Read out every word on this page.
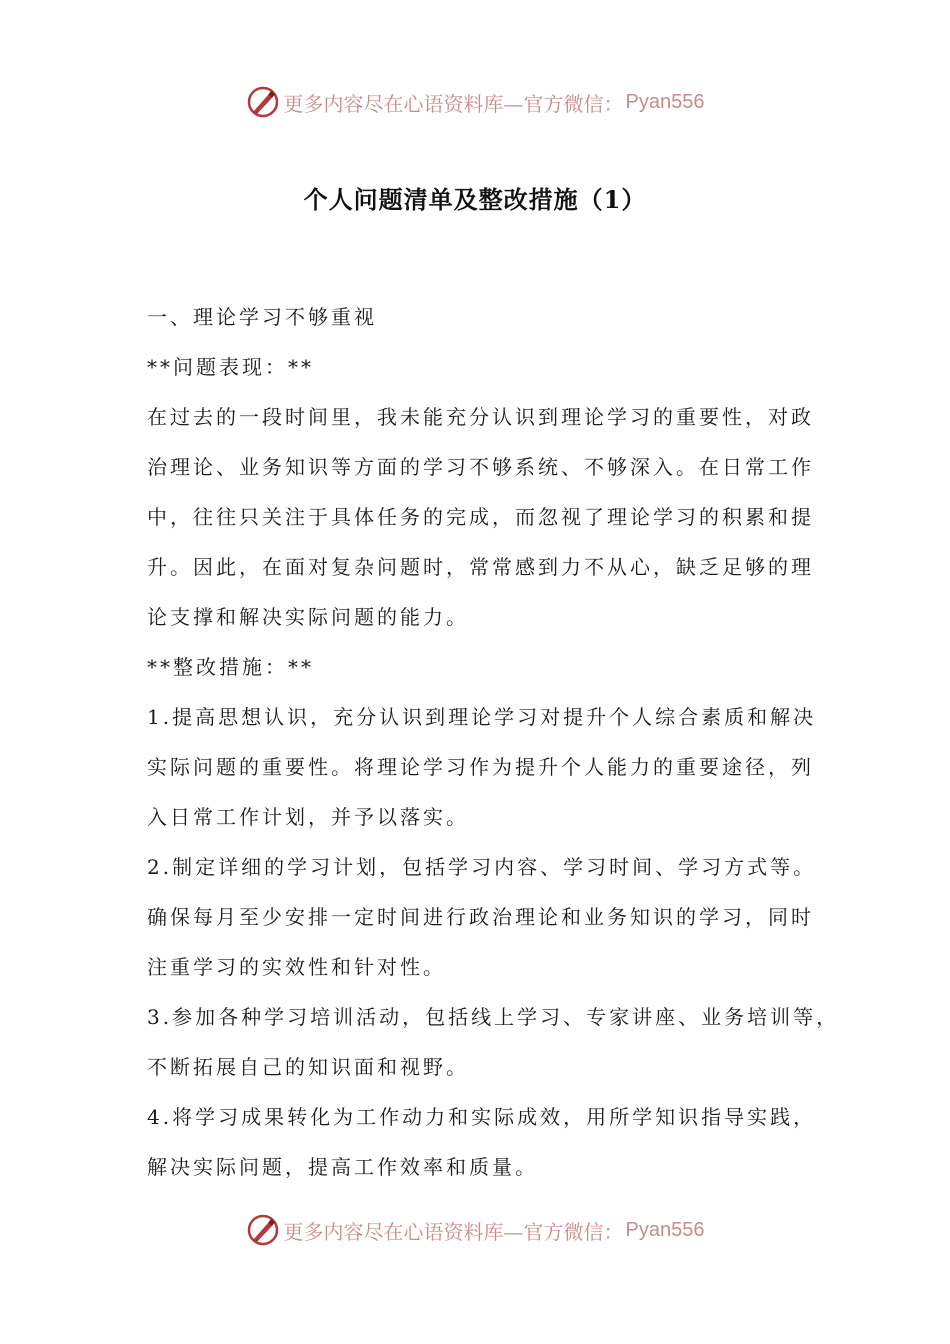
更多内容尽在心语资料库—官方微信： Pyan556
个人问题清单及整改措施（1）
一、理论学习不够重视
**问题表现：**
在过去的一段时间里，我未能充分认识到理论学习的重要性，对政
治理论、业务知识等方面的学习不够系统、不够深入。在日常工作
中，往往只关注于具体任务的完成，而忽视了理论学习的积累和提
升。因此，在面对复杂问题时，常常感到力不从心，缺乏足够的理
论支撑和解决实际问题的能力。
**整改措施：**
1.提高思想认识，充分认识到理论学习对提升个人综合素质和解决
实际问题的重要性。将理论学习作为提升个人能力的重要途径，列
入日常工作计划，并予以落实。
2.制定详细的学习计划，包括学习内容、学习时间、学习方式等。
确保每月至少安排一定时间进行政治理论和业务知识的学习，同时
注重学习的实效性和针对性。
3.参加各种学习培训活动，包括线上学习、专家讲座、业务培训等，
不断拓展自己的知识面和视野。
4.将学习成果转化为工作动力和实际成效，用所学知识指导实践，
解决实际问题，提高工作效率和质量。
更多内容尽在心语资料库—官方微信： Pyan556
